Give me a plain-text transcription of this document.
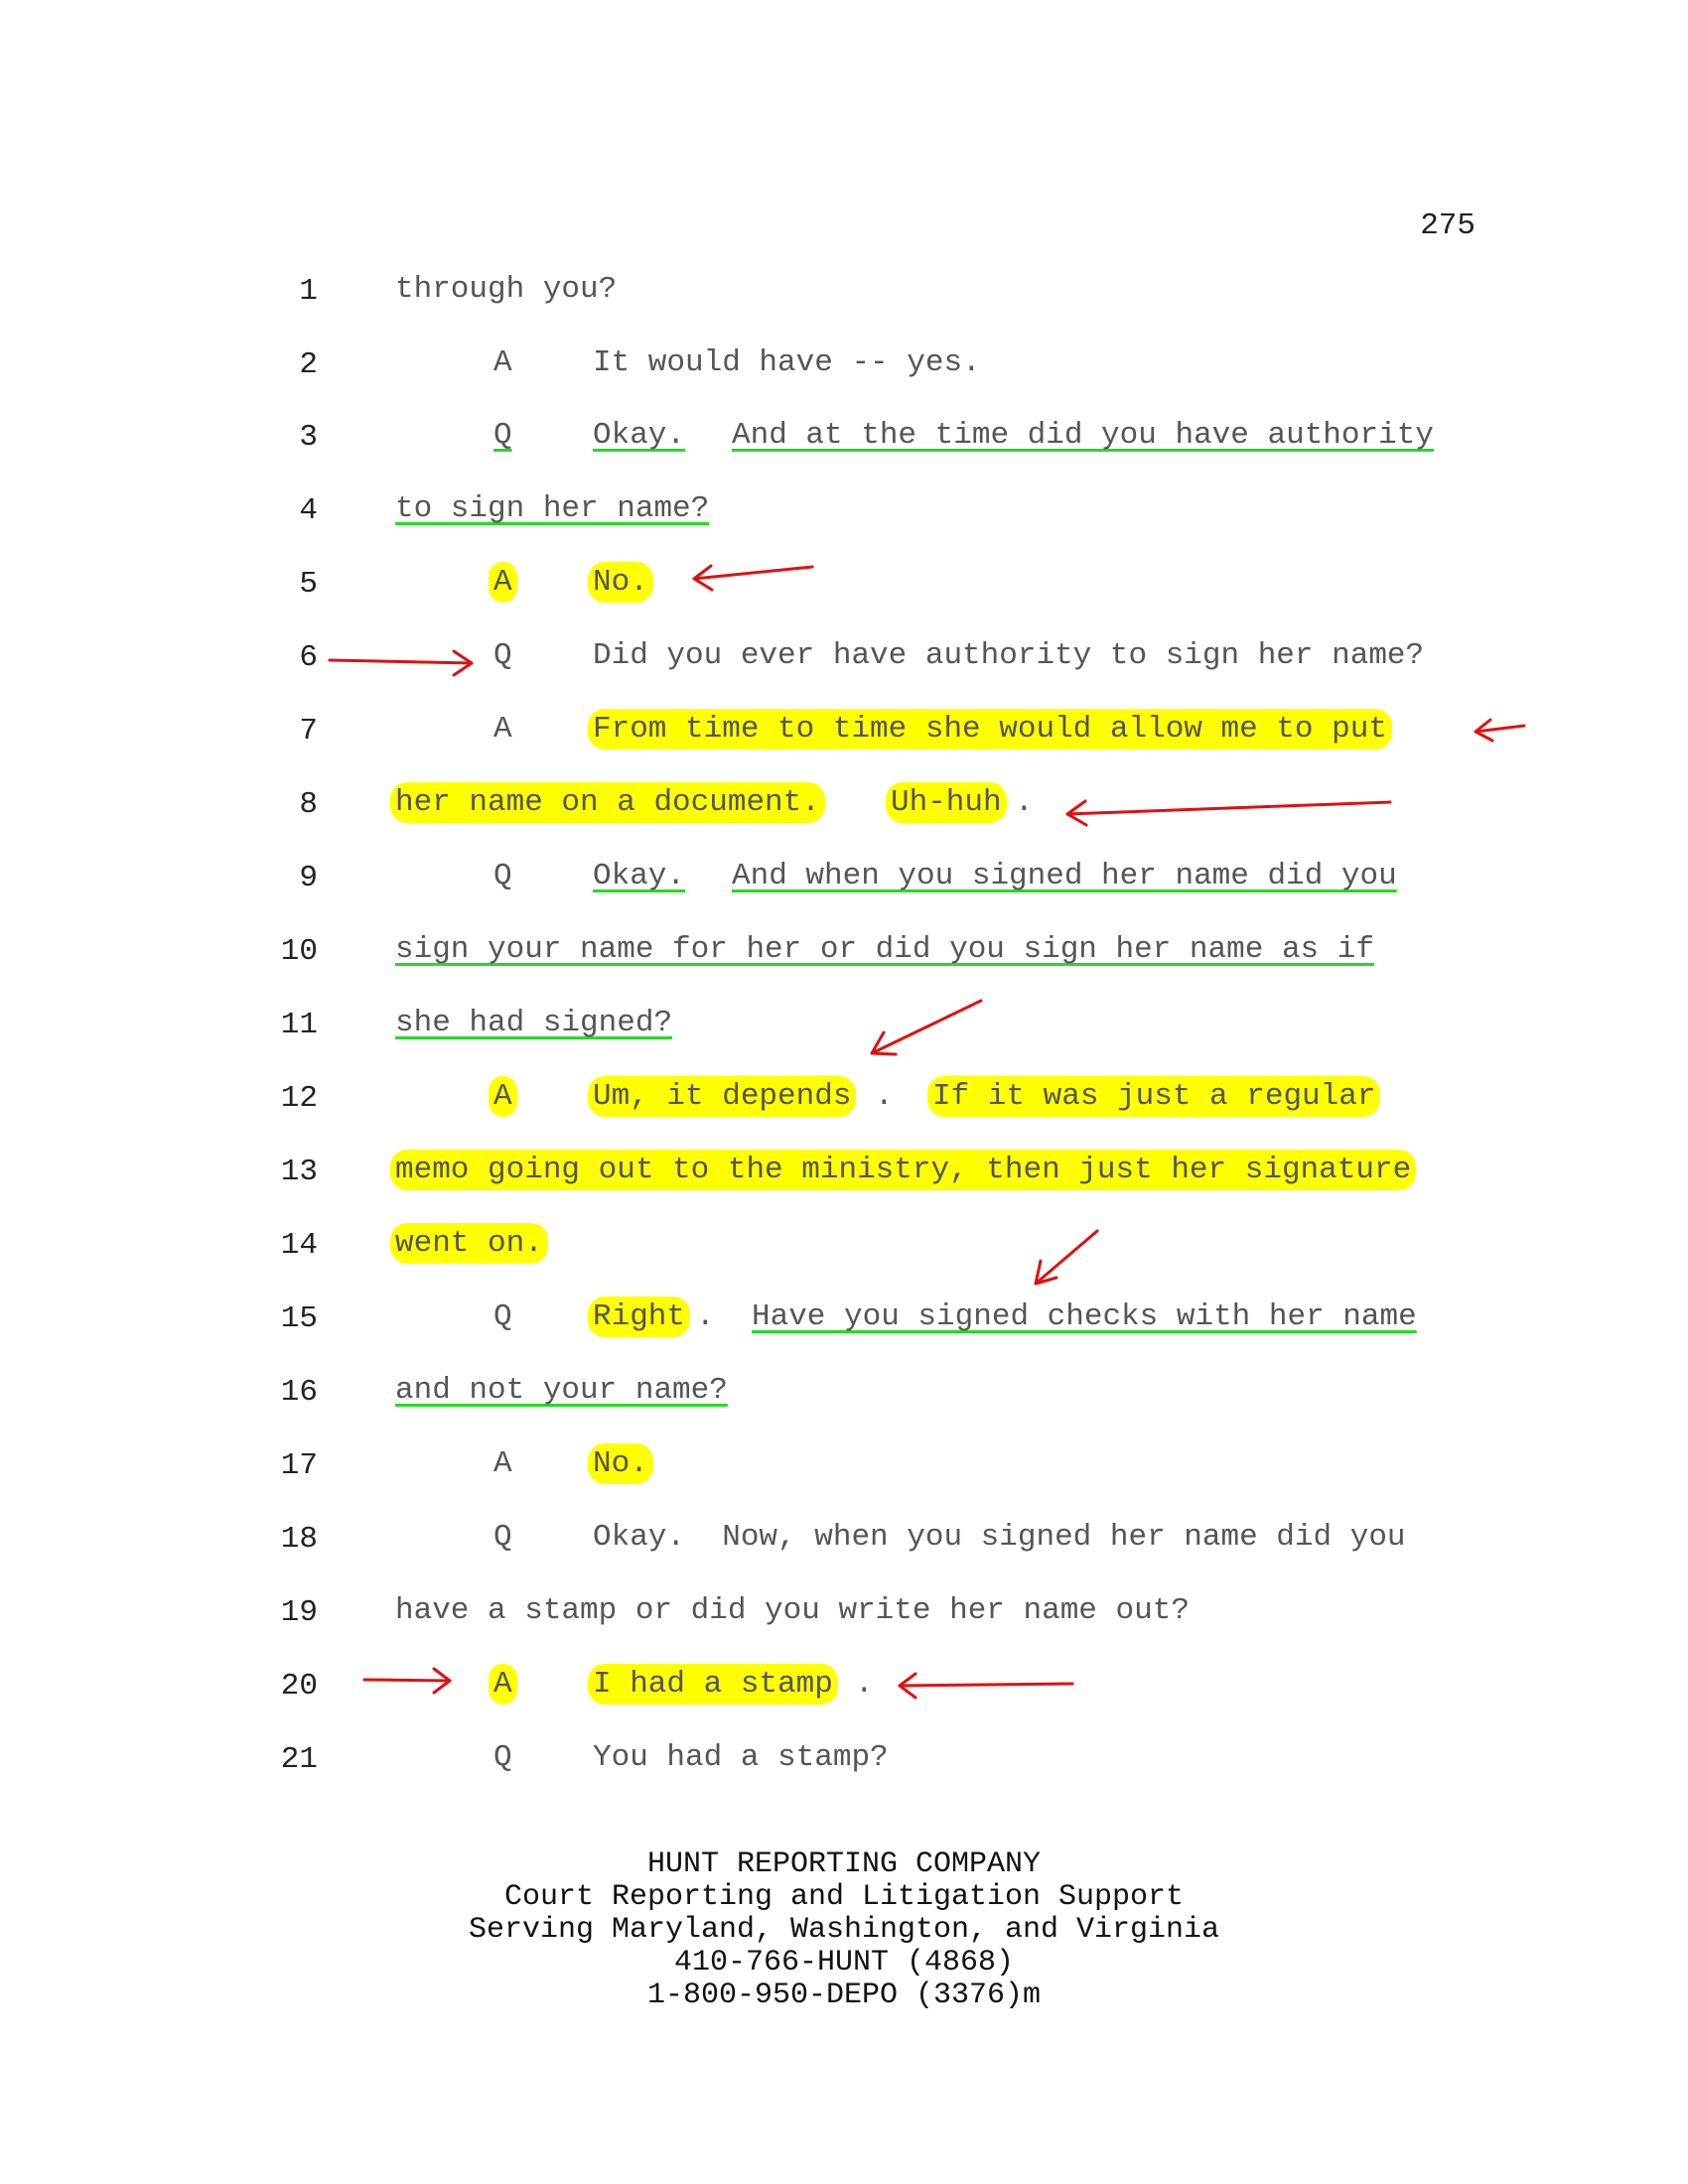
275
1	through you?
2	A	It would have -- yes.
3	Q	Okay. And at the time did you have authority
4	to sign her name?
5	A	No.
6	Q	Did you ever have authority to sign her name?
7	A	From time to time she would allow me to put
8	her name on a document. Uh-huh .
9	Q	Okay. And when you signed her name did you
10	sign your name for her or did you sign her name as if
11	she had signed?
12	A	Um, it depends . If it was just a regular
13	memo going out to the ministry, then just her signature
14	went on.
15	Q	Right . Have you signed checks with her name
16	and not your name?
17	A	No.
18	Q	Okay.  Now, when you signed her name did you
19	have a stamp or did you write her name out?
20	A	I had a stamp .
21	Q	You had a stamp?
HUNT REPORTING COMPANY
Court Reporting and Litigation Support
Serving Maryland, Washington, and Virginia
410-766-HUNT (4868)
1-800-950-DEPO (3376)m
